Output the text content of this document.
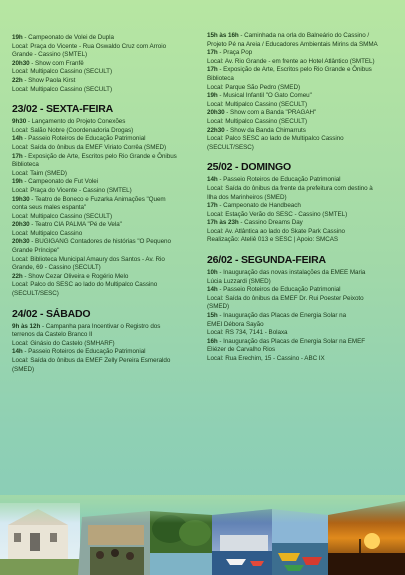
19h - Campeonato de Volei de Dupla
Local: Praça do Vicente - Rua Oswaldo Cruz com Arroio
Grande - Cassino (SMTEL)
20h30 - Show com Franfê
Local: Multipalco Cassino (SECULT)
22h - Show Paola Kirst
Local: Multipalco Cassino (SECULT)
23/02 - SEXTA-FEIRA
9h30 - Lançamento do Projeto Conexões
Local: Salão Nobre (Coordenadoria Drogas)
14h - Passeio Roteiros de Educação Patrimonial
Local: Saída do ônibus da EMEF Viriato Corrêa (SMED)
17h - Exposição de Arte, Escritos pelo Rio Grande e Ônibus
Biblioteca
Local: Taim (SMED)
19h - Campeonato de Fut Volei
Local: Praça do Vicente - Cassino (SMTEL)
19h30 - Teatro de Boneco e Fuzarka Animações "Quem
conta seus males espanta"
Local: Multipalco Cassino (SECULT)
20h30 - Teatro CIA PALMA "Pé de Vela"
Local: Multipalco Cassino
20h30 - BUGIGANG Contadores de histórias "O Pequeno
Grande Príncipe"
Local: Biblioteca Municipal Amaury dos Santos - Av. Rio
Grande, 69 - Cassino (SECULT)
22h - Show Cezar Oliveira e Rogério Melo
Local: Palco do SESC ao lado do Multipalco Cassino
(SECULT/SESC)
24/02 - SÁBADO
9h às 12h - Campanha para Incentivar o Registro dos
terrenos da Castelo Branco II
Local: Ginásio do Castelo (SMHARF)
14h - Passeio Roteiros de Educação Patrimonial
Local: Saída do ônibus da EMEF Zelly Pereira Esmeraldo
(SMED)
15h às 16h - Caminhada na orla do Balneário do Cassino /
Projeto Pé na Areia / Educadores Ambientais Mirins da SMMA
17h - Praça Pop
Local: Av. Rio Grande - em frente ao Hotel Atlântico (SMTEL)
17h - Exposição de Arte, Escritos pelo Rio Grande e Ônibus
Biblioteca
Local: Parque São Pedro (SMED)
19h - Musical Infantil "O Gato Comeu"
Local: Multipalco Cassino (SECULT)
20h30 - Show com a Banda "PRAGAH"
Local: Multipalco Cassino (SECULT)
22h30 - Show da Banda Chimarruts
Local: Palco SESC ao lado de Multipalco Cassino
(SECULT/SESC)
25/02 - DOMINGO
14h - Passeio Roteiros de Educação Patrimonial
Local: Saída do ônibus da frente da prefeitura com destino à
Ilha dos Marinheiros (SMED)
17h - Campeonato de Handbeach
Local: Estação Verão do SESC - Cassino (SMTEL)
17h às 23h - Cassino Dreams Day
Local: Av. Atlântica ao lado do Skate Park Cassino
Realização: Ateliê 013 e SESC | Apoio: SMCAS
26/02 - SEGUNDA-FEIRA
10h - Inauguração das novas instalações da EMEE Maria
Lúcia Luzzardi (SMED)
14h - Passeio Roteiros de Educação Patrimonial
Local: Saída do ônibus da EMEF Dr. Rui Poester Peixoto
(SMED)
15h - Inauguração das Placas de Energia Solar na
EMEI Débora Sayão
Local: RS 734, 7141 - Bolaxa
16h - Inauguração das Placas de Energia Solar na EMEF
Eliézer de Carvalho Rios
Local: Rua Erechim, 15 - Cassino - ABC IX
